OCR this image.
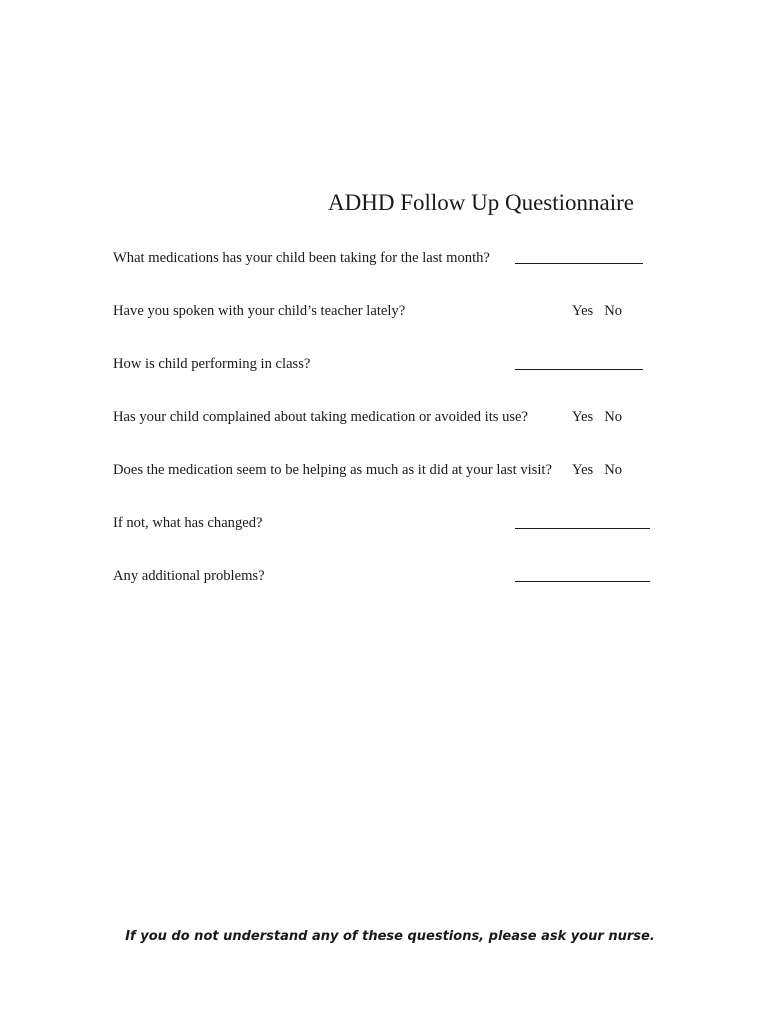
ADHD Follow Up Questionnaire
What medications has your child been taking for the last month?
Have you spoken with your child’s teacher lately?	Yes No
How is child performing in class?
Has your child complained about taking medication or avoided its use?	Yes No
Does the medication seem to be helping as much as it did at your last visit? Yes No
If not, what has changed?
Any additional problems?
If you do not understand any of these questions, please ask your nurse.
